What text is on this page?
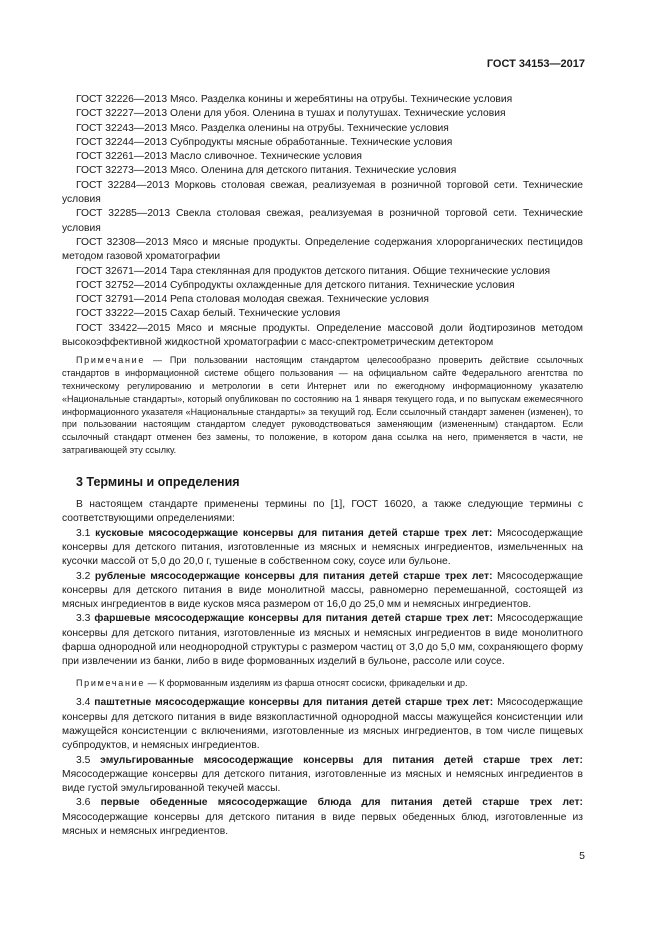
ГОСТ 34153—2017

ГОСТ 32226—2013 Мясо. Разделка конины и жеребятины на отрубы. Технические условия

ГОСТ 32227—2013 Олени для убоя. Оленина в тушах и полутушах. Технические условия

ГОСТ 32243—2013 Мясо. Разделка оленины на отрубы. Технические условия

ГОСТ 32244—2013 Субпродукты мясные обработанные. Технические условия

ГОСТ 32261—2013 Масло сливочное. Технические условия

ГОСТ 32273—2013 Мясо. Оленина для детского питания. Технические условия

ГОСТ 32284—2013 Морковь столовая свежая, реализуемая в розничной торговой сети. Технические условия

ГОСТ 32285—2013 Свекла столовая свежая, реализуемая в розничной торговой сети. Технические условия

ГОСТ 32308—2013 Мясо и мясные продукты. Определение содержания хлорорганических пестицидов методом газовой хроматографии

ГОСТ 32671—2014 Тара стеклянная для продуктов детского питания. Общие технические условия

ГОСТ 32752—2014 Субпродукты охлажденные для детского питания. Технические условия

ГОСТ 32791—2014 Репа столовая молодая свежая. Технические условия

ГОСТ 33222—2015 Сахар белый. Технические условия

ГОСТ 33422—2015 Мясо и мясные продукты. Определение массовой доли йодтирозинов методом высокоэффективной жидкостной хроматографии с масс-спектрометрическим детектором

Примечание — При пользовании настоящим стандартом целесообразно проверить действие ссылочных стандартов в информационной системе общего пользования — на официальном сайте Федерального агентства по техническому регулированию и метрологии в сети Интернет или по ежегодному информационному указателю «Национальные стандарты», который опубликован по состоянию на 1 января текущего года, и по выпускам ежемесячного информационного указателя «Национальные стандарты» за текущий год. Если ссылочный стандарт заменен (изменен), то при пользовании настоящим стандартом следует руководствоваться заменяющим (измененным) стандартом. Если ссылочный стандарт отменен без замены, то положение, в котором дана ссылка на него, применяется в части, не затрагивающей эту ссылку.

3 Термины и определения

В настоящем стандарте применены термины по [1], ГОСТ 16020, а также следующие термины с соответствующими определениями:

3.1 кусковые мясосодержащие консервы для питания детей старше трех лет: Мясосодержащие консервы для детского питания, изготовленные из мясных и немясных ингредиентов, измельченных на кусочки массой от 5,0 до 20,0 г, тушеные в собственном соку, соусе или бульоне.

3.2 рубленые мясосодержащие консервы для питания детей старше трех лет: Мясосодержащие консервы для детского питания в виде монолитной массы, равномерно перемешанной, состоящей из мясных ингредиентов в виде кусков мяса размером от 16,0 до 25,0 мм и немясных ингредиентов.

3.3 фаршевые мясосодержащие консервы для питания детей старше трех лет: Мясосодержащие консервы для детского питания, изготовленные из мясных и немясных ингредиентов в виде монолитного фарша однородной или неоднородной структуры с размером частиц от 3,0 до 5,0 мм, сохраняющего форму при извлечении из банки, либо в виде формованных изделий в бульоне, рассоле или соусе.

Примечание — К формованным изделиям из фарша относят сосиски, фрикадельки и др.

3.4 паштетные мясосодержащие консервы для питания детей старше трех лет: Мясосодержащие консервы для детского питания в виде вязкопластичной однородной массы мажущейся консистенции или мажущейся консистенции с включениями, изготовленные из мясных ингредиентов, в том числе пищевых субпродуктов, и немясных ингредиентов.

3.5 эмульгированные мясосодержащие консервы для питания детей старше трех лет: Мясосодержащие консервы для детского питания, изготовленные из мясных и немясных ингредиентов в виде густой эмульгированной текучей массы.

3.6 первые обеденные мясосодержащие блюда для питания детей старше трех лет: Мясосодержащие консервы для детского питания в виде первых обеденных блюд, изготовленные из мясных и немясных ингредиентов.

5
